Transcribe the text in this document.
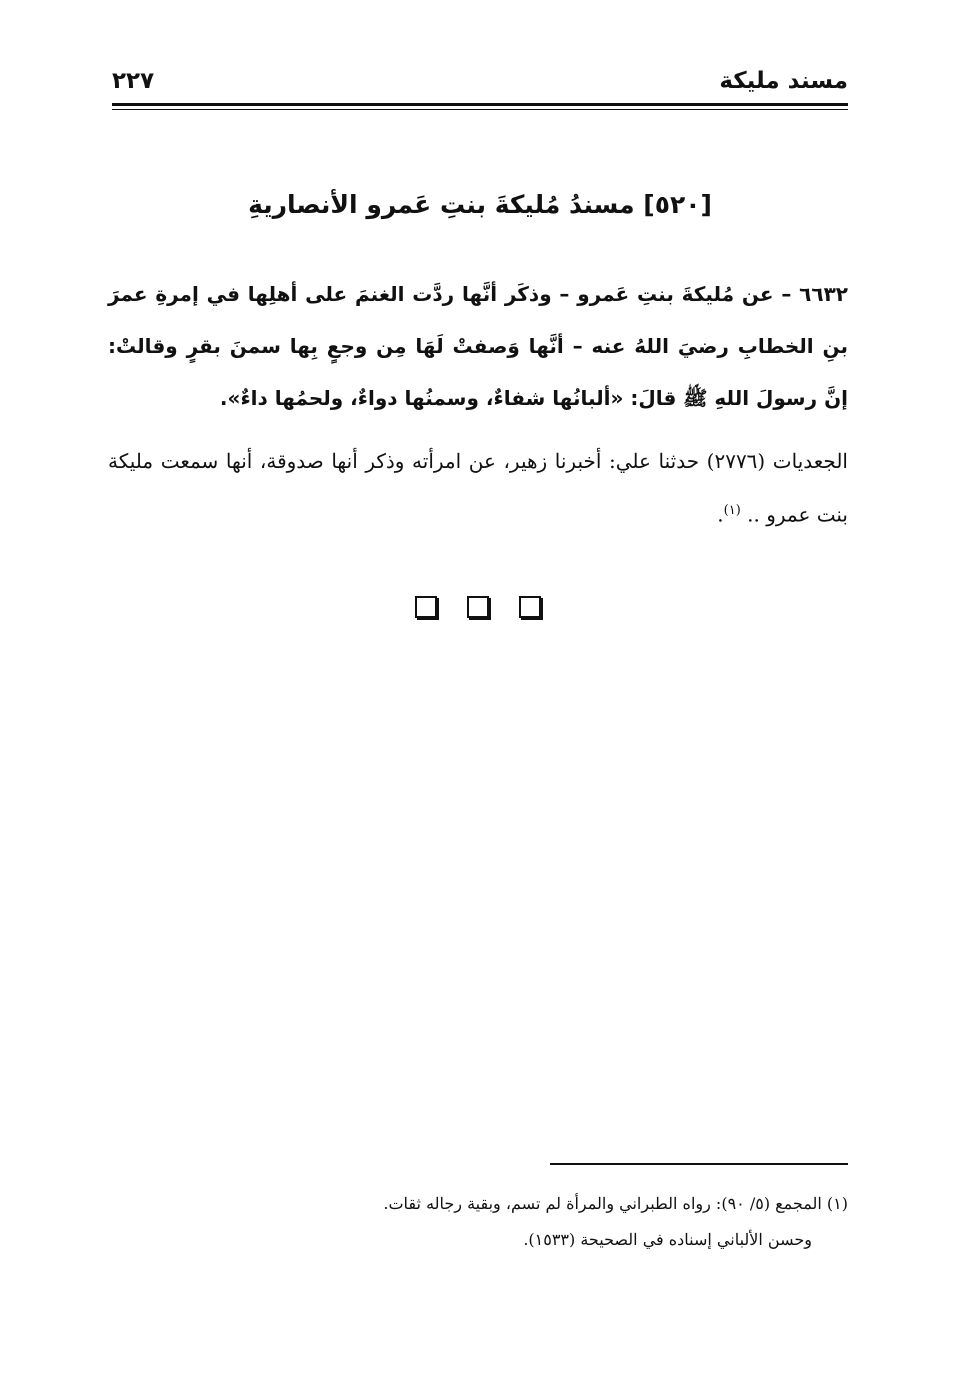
مسند مليكة
٢٢٧
[٥٢٠] مسندُ مُليكةَ بنتِ عَمرو الأنصاريةِ
٦٦٣٢ – عن مُليكةَ بنتِ عَمرو – وذكَر أنَّها ردَّت الغنمَ على أهلِها في إمرةِ عمرَ بنِ الخطابِ رضيَ اللهُ عنه – أنَّها وَصفتْ لَهَا مِن وجعٍ بِها سمنَ بقرٍ وقالتْ: إنَّ رسولَ اللهِ ﷺ قالَ: «ألبانُها شفاءٌ، وسمنُها دواءٌ، ولحمُها داءٌ».
الجعديات (٢٧٧٦) حدثنا علي: أخبرنا زهير، عن امرأته وذكر أنها صدوقة، أنها سمعت مليكة بنت عمرو .. $^{(١)}$.
(١) المجمع (٥/ ٩٠): رواه الطبراني والمرأة لم تسم، وبقية رجاله ثقات.
وحسن الألباني إسناده في الصحيحة (١٥٣٣).
